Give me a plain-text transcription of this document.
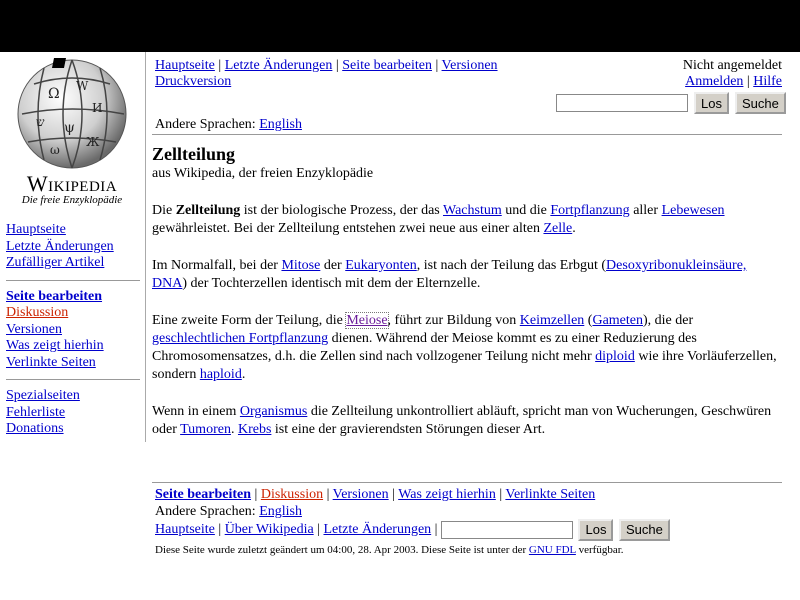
Ω W
И
ש ψ
Ж
ω
Wikipedia
Die freie Enzyklopädie
Hauptseite
Letzte Änderungen
Zufälliger Artikel
Seite bearbeiten
Diskussion
Versionen
Was zeigt hierhin
Verlinkte Seiten
Spezialseiten
Fehlerliste
Donations
Hauptseite | Letzte Änderungen | Seite bearbeiten | Versionen
Druckversion
Nicht angemeldet
Anmelden | Hilfe
Los Suche
Andere Sprachen: English
Zellteilung
aus Wikipedia, der freien Enzyklopädie

Die Zellteilung ist der biologische Prozess, der das Wachstum und die Fortpflanzung aller Lebewesen gewährleistet. Bei der Zellteilung entstehen zwei neue aus einer alten Zelle.

Im Normalfall, bei der Mitose der Eukaryonten, ist nach der Teilung das Erbgut (Desoxyribonukleinsäure, DNA) der Tochterzellen identisch mit dem der Elternzelle.

Eine zweite Form der Teilung, die Meiose, führt zur Bildung von Keimzellen (Gameten), die der geschlechtlichen Fortpflanzung dienen. Während der Meiose kommt es zu einer Reduzierung des Chromosomensatzes, d.h. die Zellen sind nach vollzogener Teilung nicht mehr diploid wie ihre Vorläuferzellen, sondern haploid.

Wenn in einem Organismus die Zellteilung unkontrolliert abläuft, spricht man von Wucherungen, Geschwüren oder Tumoren. Krebs ist eine der gravierendsten Störungen dieser Art.

Seite bearbeiten | Diskussion | Versionen | Was zeigt hierhin | Verlinkte Seiten
Andere Sprachen: English
Hauptseite | Über Wikipedia | Letzte Änderungen |	Los Suche
Diese Seite wurde zuletzt geändert um 04:00, 28. Apr 2003. Diese Seite ist unter der GNU FDL verfügbar.
